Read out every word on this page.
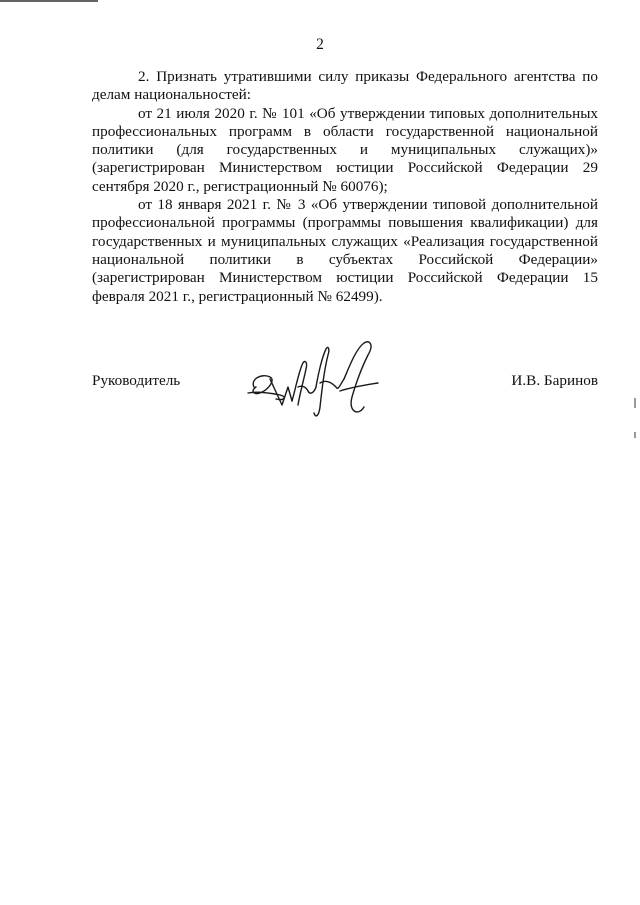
2

2. Признать утратившими силу приказы Федерального агентства по делам национальностей:

от 21 июля 2020 г. № 101 «Об утверждении типовых дополнительных профессиональных программ в области государственной национальной политики (для государственных и муниципальных служащих)» (зарегистрирован Министерством юстиции Российской Федерации 29 сентября 2020 г., регистрационный № 60076);

от 18 января 2021 г. № 3 «Об утверждении типовой дополнительной профессиональной программы (программы повышения квалификации) для государственных и муниципальных служащих «Реализация государственной национальной политики в субъектах Российской Федерации» (зарегистрирован Министерством юстиции Российской Федерации 15 февраля 2021 г., регистрационный № 62499).

Руководитель	И.В. Баринов
